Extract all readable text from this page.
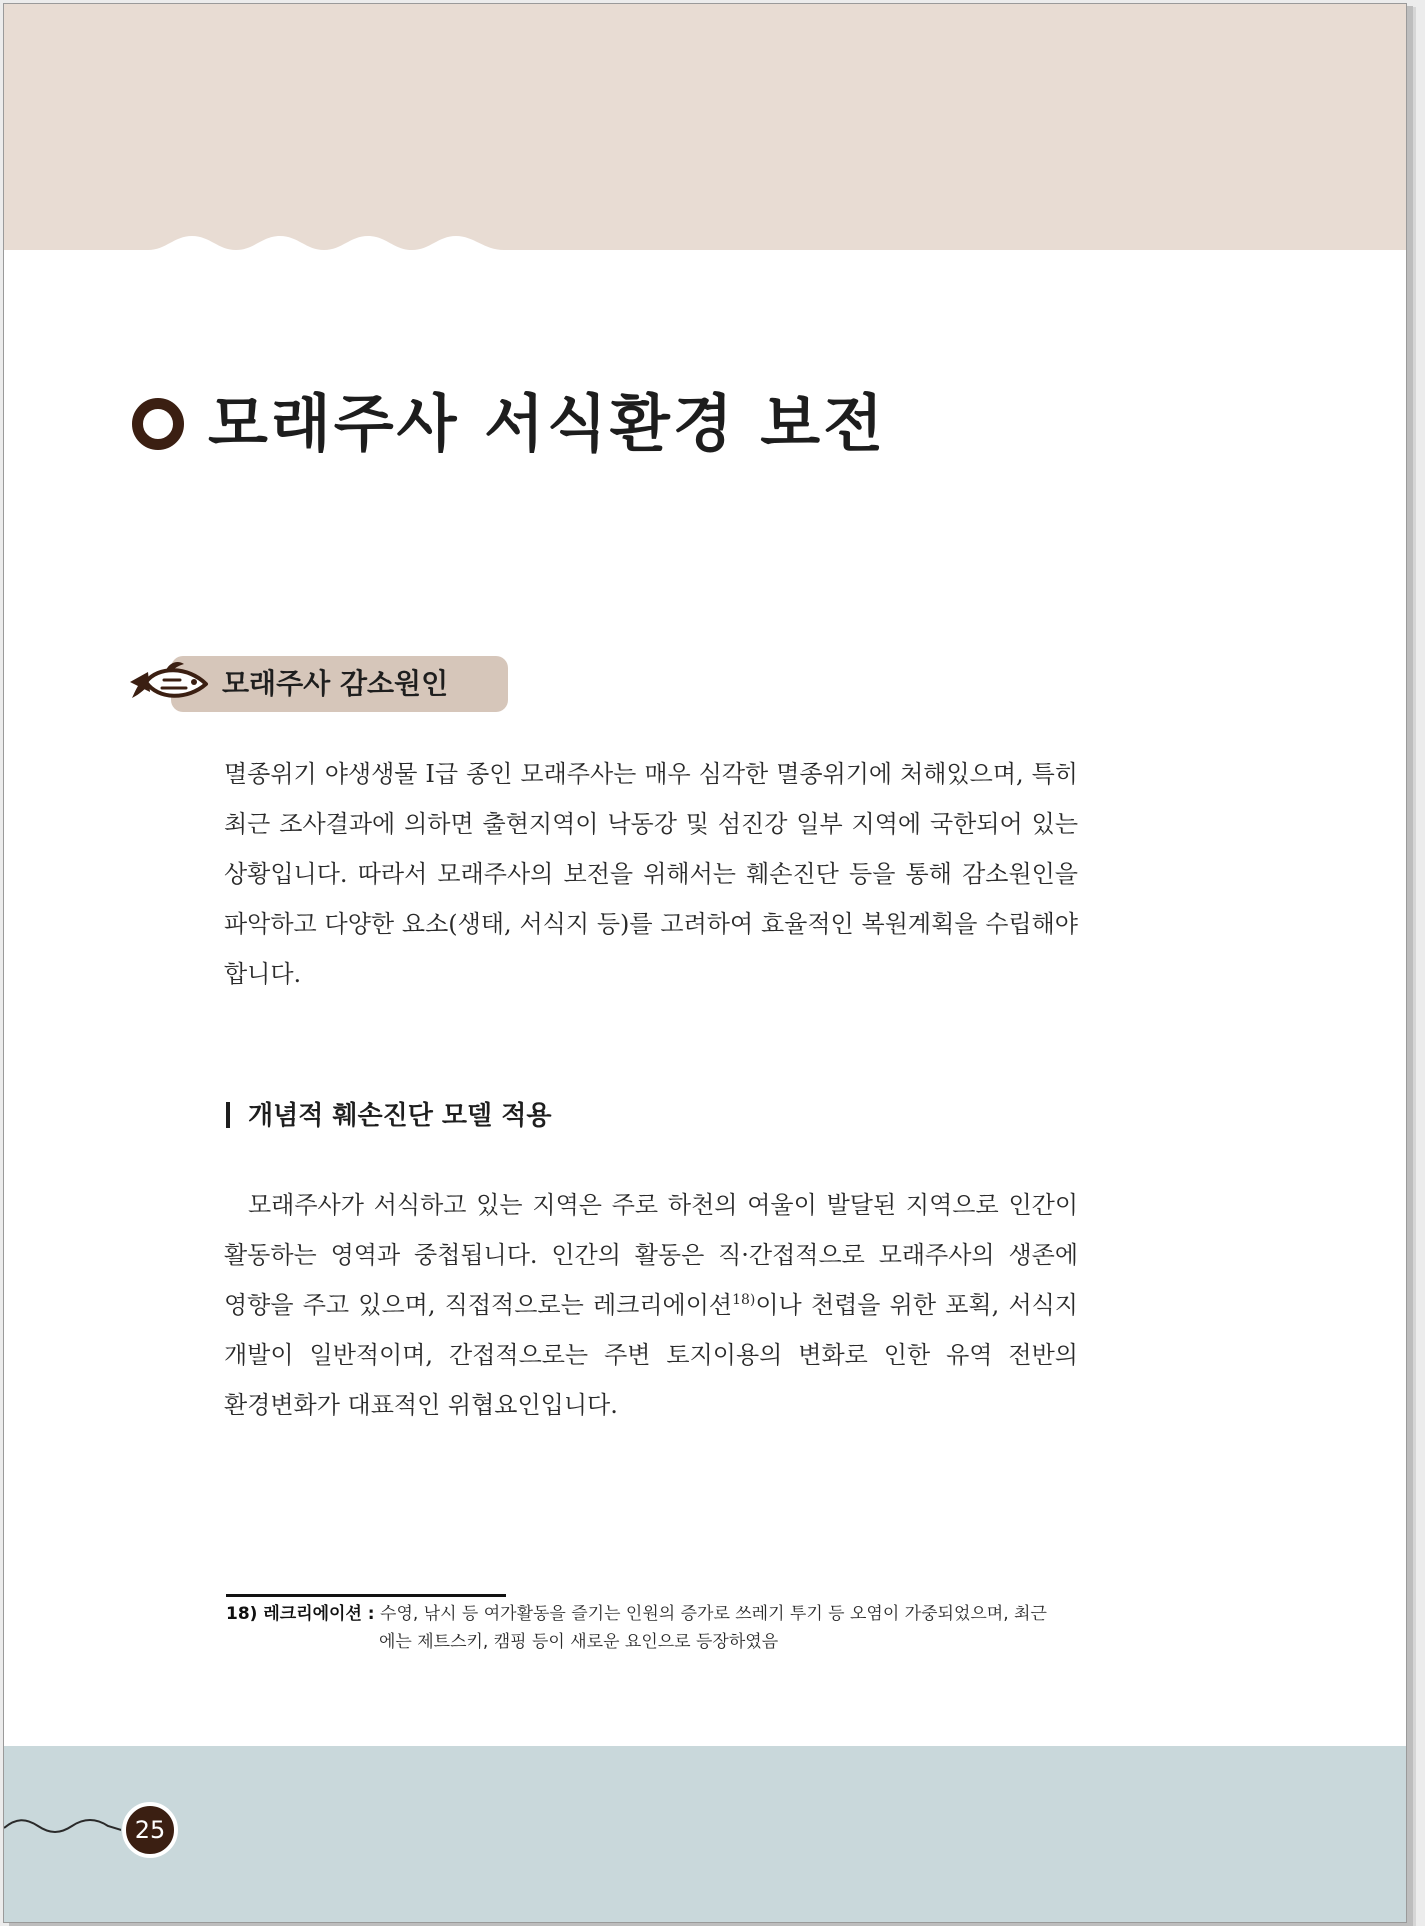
모래주사 서식환경 보전
모래주사 감소원인

멸종위기 야생생물 I급 종인 모래주사는 매우 심각한 멸종위기에 처해있으며, 특히 최근 조사결과에 의하면 출현지역이 낙동강 및 섬진강 일부 지역에 국한되어 있는 상황입니다. 따라서 모래주사의 보전을 위해서는 훼손진단 등을 통해 감소원인을 파악하고 다양한 요소(생태, 서식지 등)를 고려하여 효율적인 복원계획을 수립해야 합니다.

개념적 훼손진단 모델 적용

모래주사가 서식하고 있는 지역은 주로 하천의 여울이 발달된 지역으로 인간이 활동하는 영역과 중첩됩니다. 인간의 활동은 직·간접적으로 모래주사의 생존에 영향을 주고 있으며, 직접적으로는 레크리에이션$^{18)}$이나 천렵을 위한 포획, 서식지 개발이 일반적이며, 간접적으로는 주변 토지이용의 변화로 인한 유역 전반의 환경변화가 대표적인 위협요인입니다.

18) 레크리에이션 : 수영, 낚시 등 여가활동을 즐기는 인원의 증가로 쓰레기 투기 등 오염이 가중되었으며, 최근
에는 제트스키, 캠핑 등이 새로운 요인으로 등장하였음
25
